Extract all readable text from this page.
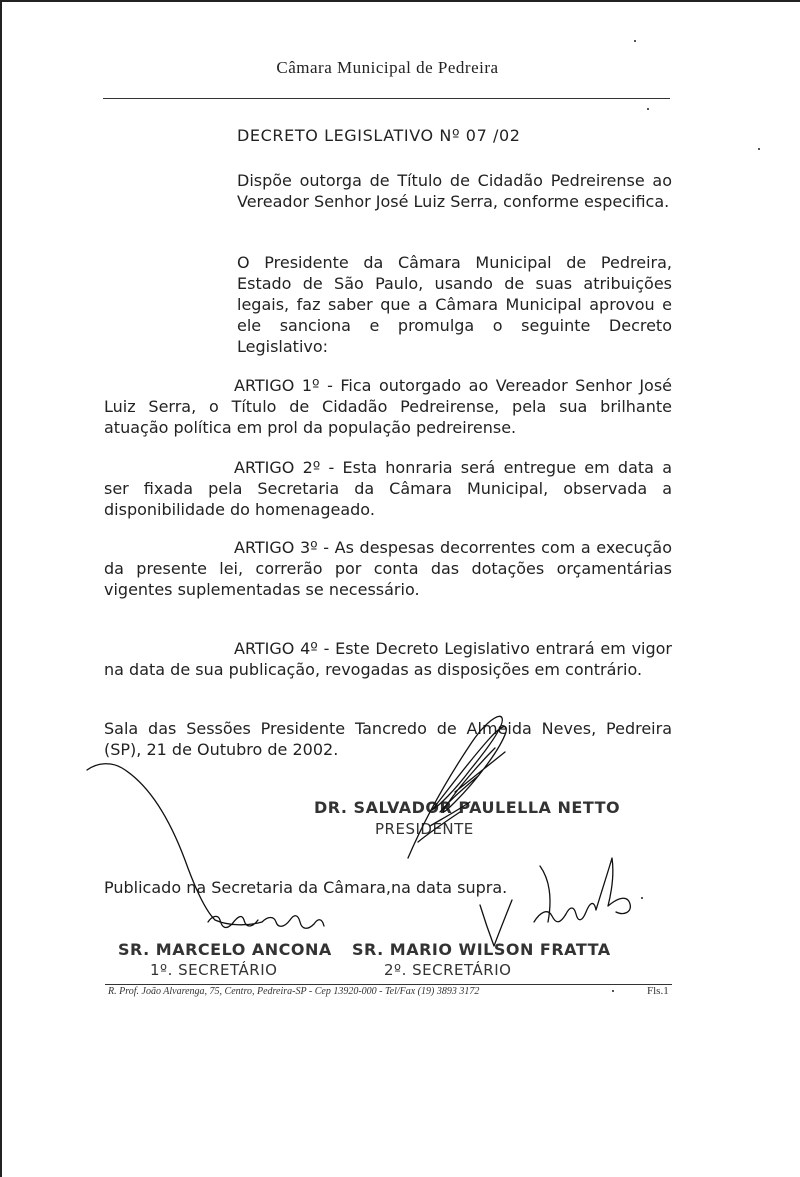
Câmara Municipal de Pedreira
DECRETO LEGISLATIVO Nº 07 /02
Dispõe outorga de Título de Cidadão Pedreirense ao Vereador Senhor José Luiz Serra, conforme especifica.
O Presidente da Câmara Municipal de Pedreira, Estado de São Paulo, usando de suas atribuições legais, faz saber que a Câmara Municipal aprovou e ele sanciona e promulga o seguinte Decreto Legislativo:
ARTIGO 1º - Fica outorgado ao Vereador Senhor José Luiz Serra, o Título de Cidadão Pedreirense, pela sua brilhante atuação política em prol da população pedreirense.
ARTIGO 2º - Esta honraria será entregue em data a ser fixada pela Secretaria da Câmara Municipal, observada a disponibilidade do homenageado.
ARTIGO 3º - As despesas decorrentes com a execução da presente lei, correrão por conta das dotações orçamentárias vigentes suplementadas se necessário.
ARTIGO 4º - Este Decreto Legislativo entrará em vigor na data de sua publicação, revogadas as disposições em contrário.
Sala das Sessões Presidente Tancredo de Almeida Neves, Pedreira (SP), 21 de Outubro de 2002.
DR. SALVADOR PAULELLA NETTO
PRESIDENTE
Publicado na Secretaria da Câmara,na data supra.
SR. MARCELO ANCONA
1º. SECRETÁRIO
SR. MARIO WILSON FRATTA
2º. SECRETÁRIO
R. Prof. João Alvarenga, 75, Centro, Pedreira-SP - Cep 13920-000 - Tel/Fax (19) 3893 3172	Fls.1
